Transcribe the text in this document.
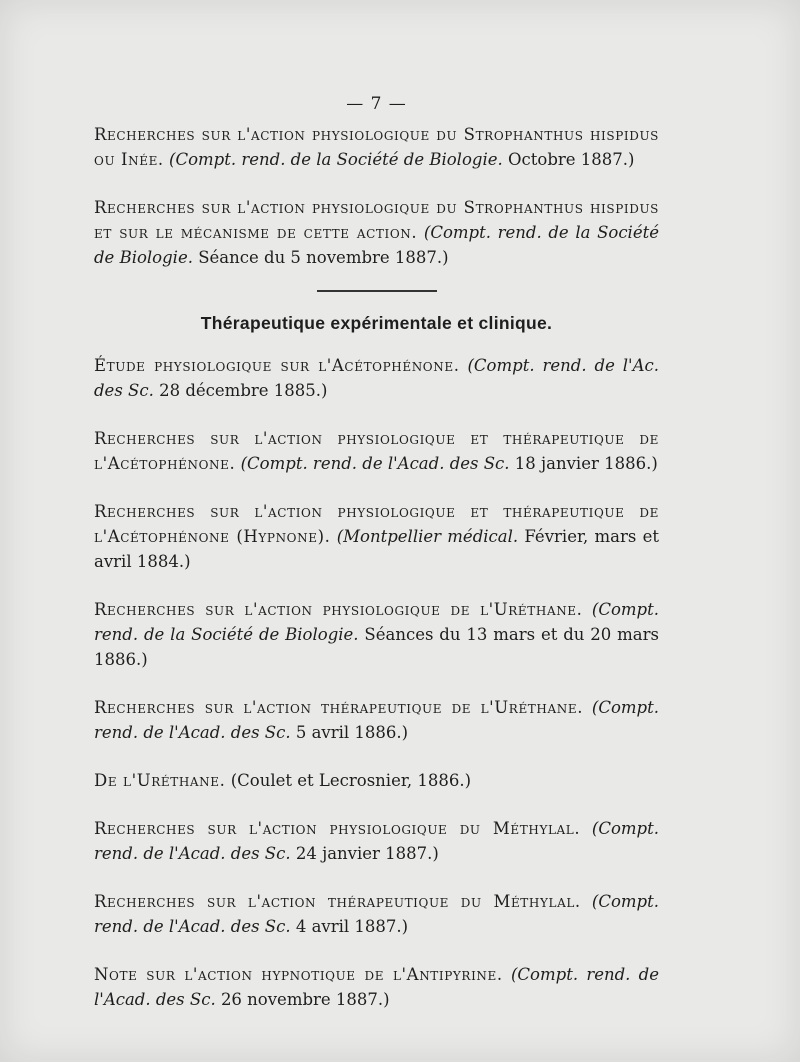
— 7 —
Recherches sur l'action physiologique du Strophanthus hispidus ou Inée. (Compt. rend. de la Société de Biologie. Octobre 1887.)
Recherches sur l'action physiologique du Strophanthus hispidus et sur le mécanisme de cette action. (Compt. rend. de la Société de Biologie. Séance du 5 novembre 1887.)
Thérapeutique expérimentale et clinique.
Étude physiologique sur l'Acétophénone. (Compt. rend. de l'Ac. des Sc. 28 décembre 1885.)
Recherches sur l'action physiologique et thérapeutique de l'Acétophénone. (Compt. rend. de l'Acad. des Sc. 18 janvier 1886.)
Recherches sur l'action physiologique et thérapeutique de l'Acétophénone (Hypnone). (Montpellier médical. Février, mars et avril 1884.)
Recherches sur l'action physiologique de l'Uréthane. (Compt. rend. de la Société de Biologie. Séances du 13 mars et du 20 mars 1886.)
Recherches sur l'action thérapeutique de l'Uréthane. (Compt. rend. de l'Acad. des Sc. 5 avril 1886.)
De l'Uréthane. (Coulet et Lecrosnier, 1886.)
Recherches sur l'action physiologique du Méthylal. (Compt. rend. de l'Acad. des Sc. 24 janvier 1887.)
Recherches sur l'action thérapeutique du Méthylal. (Compt. rend. de l'Acad. des Sc. 4 avril 1887.)
Note sur l'action hypnotique de l'Antipyrine. (Compt. rend. de l'Acad. des Sc. 26 novembre 1887.)
